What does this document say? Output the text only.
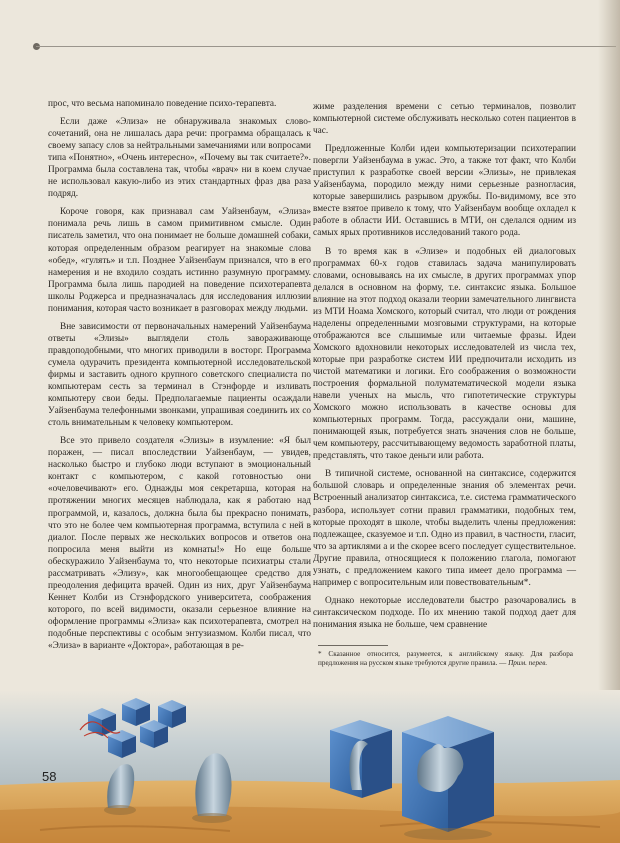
прос, что весьма напоминало поведение психо-терапевта.

Если даже «Элиза» не обнаруживала знакомых слово-сочетаний, она не лишалась дара речи: программа обращалась к своему запасу слов за нейтральными замечаниями или вопросами типа «Понятно», «Очень интересно», «Почему вы так считаете?». Программа была составлена так, чтобы «врач» ни в коем случае не использовал какую-либо из этих стандартных фраз два раза подряд.

Короче говоря, как признавал сам Уайзенбаум, «Элиза» понимала речь лишь в самом примитивном смысле. Один писатель заметил, что она понимает не больше домашней собаки, которая определенным образом реагирует на знакомые слова «обед», «гулять» и т.п. Позднее Уайзенбаум признался, что в его намерения и не входило создать истинно разумную программу. Программа была лишь пародией на поведение психотерапевта школы Роджерса и предназначалась для исследования иллюзии понимания, которая часто возникает в разговорах между людьми.

Вне зависимости от первоначальных намерений Уайзенбаума ответы «Элизы» выглядели столь завораживающе правдоподобными, что многих приводили в восторг. Программа сумела одурачить президента компьютерной исследовательской фирмы и заставить одного крупного советского специалиста по компьютерам сесть за терминал в Стэнфорде и изливать компьютеру свои беды. Предполагаемые пациенты осаждали Уайзенбаума телефонными звонками, упрашивая соединить их со столь внимательным к человеку компьютером.

Все это привело создателя «Элизы» в изумление: «Я был поражен, — писал впоследствии Уайзенбаум, — увидев, насколько быстро и глубоко люди вступают в эмоциональный контакт с компьютером, с какой готовностью они «очеловечивают» его. Однажды моя секретарша, которая на протяжении многих месяцев наблюдала, как я работаю над программой, и, казалось, должна была бы прекрасно понимать, что это не более чем компьютерная программа, вступила с ней в диалог. После первых же нескольких вопросов и ответов она попросила меня выйти из комнаты!» Но еще больше обескуражило Уайзенбаума то, что некоторые психиатры стали рассматривать «Элизу», как многообещающее средство для преодоления дефицита врачей. Один из них, друг Уайзенбаума Кеннет Колби из Стэнфордского университета, соображения которого, по всей видимости, оказали серьезное влияние на оформление программы «Элиза» как психотерапевта, смотрел на подобные перспективы с особым энтузиазмом. Колби писал, что «Элиза» в варианте «Доктора», работающая в ре-

жиме разделения времени с сетью терминалов, позволит компьютерной системе обслуживать несколько сотен пациентов в час.

Предложенные Колби идеи компьютеризации психотерапии повергли Уайзенбаума в ужас. Это, а также тот факт, что Колби приступил к разработке своей версии «Элизы», не привлекая Уайзенбаума, породило между ними серьезные разногласия, которые завершились разрывом дружбы. По-видимому, все это вместе взятое привело к тому, что Уайзенбаум вообще охладел к работе в области ИИ. Оставшись в МТИ, он сделался одним из самых ярых противников исследований такого рода.

В то время как в «Элизе» и подобных ей диалоговых программах 60-х годов ставилась задача манипулировать словами, основываясь на их смысле, в других программах упор делался в основном на форму, т.е. синтаксис языка. Большое влияние на этот подход оказали теории замечательного лингвиста из МТИ Ноама Хомского, который считал, что люди от рождения наделены определенными мозговыми структурами, на которые отображаются все слышимые или читаемые фразы. Идеи Хомского вдохновили некоторых исследователей из числа тех, которые при разработке систем ИИ предпочитали исходить из чистой математики и логики. Его соображения о возможности построения формальной полуматематической модели языка навели ученых на мысль, что гипотетические структуры Хомского можно использовать в качестве основы для компьютерных программ. Тогда, рассуждали они, машине, понимающей язык, потребуется знать значения слов не больше, чем компьютеру, рассчитывающему ведомость заработной платы, представлять, что такое деньги или работа.

В типичной системе, основанной на синтаксисе, содержится большой словарь и определенные знания об элементах речи. Встроенный анализатор синтаксиса, т.е. система грамматического разбора, использует сотни правил грамматики, подобных тем, которые проходят в школе, чтобы выделить члены предложения: подлежащее, сказуемое и т.п. Одно из правил, в частности, гласит, что за артиклями a и the скорее всего последует существительное. Другие правила, относящиеся к положению глагола, помогают узнать, с предложением какого типа имеет дело программа — например с вопросительным или повествовательным*.

Однако некоторые исследователи быстро разочаровались в синтаксическом подходе. По их мнению такой подход дает для понимания языка не больше, чем сравнение

* Сказанное относится, разумеется, к английскому языку. Для разбора предложения на русском языке требуются другие правила. — Прим. перев.
58
